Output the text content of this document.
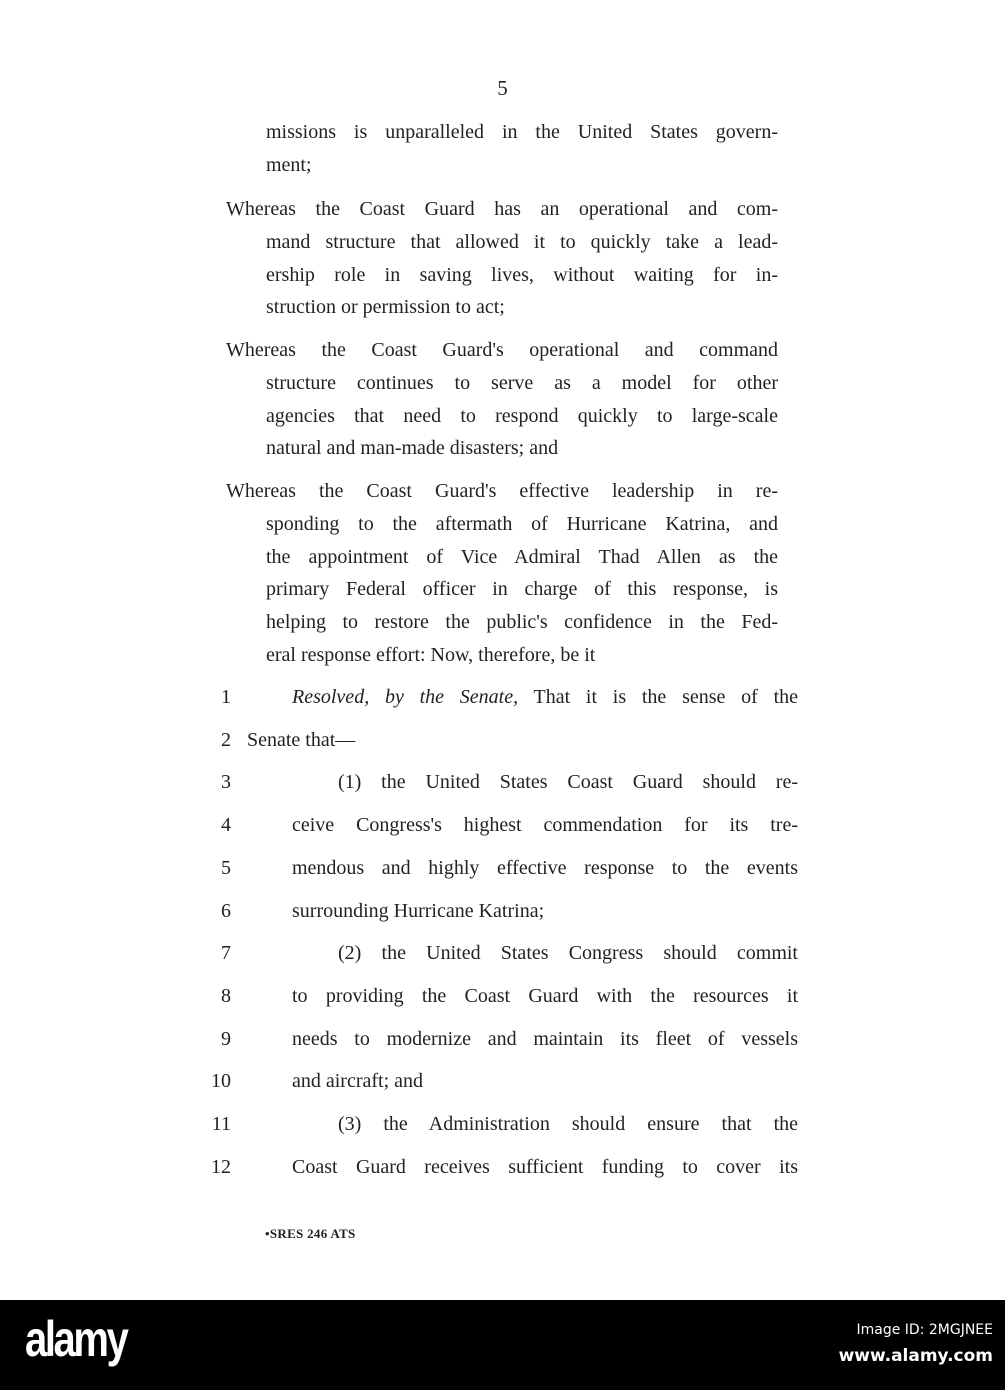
5
missions is unparalleled in the United States govern-
ment;
Whereas the Coast Guard has an operational and com-
mand structure that allowed it to quickly take a lead-
ership role in saving lives, without waiting for in-
struction or permission to act;
Whereas the Coast Guard's operational and command
structure continues to serve as a model for other
agencies that need to respond quickly to large-scale
natural and man-made disasters; and
Whereas the Coast Guard's effective leadership in re-
sponding to the aftermath of Hurricane Katrina, and
the appointment of Vice Admiral Thad Allen as the
primary Federal officer in charge of this response, is
helping to restore the public's confidence in the Fed-
eral response effort: Now, therefore, be it
1	Resolved, by the Senate, That it is the sense of the
2 Senate that—
3	(1) the United States Coast Guard should re-
4	ceive Congress's highest commendation for its tre-
5	mendous and highly effective response to the events
6	surrounding Hurricane Katrina;
7	(2) the United States Congress should commit
8	to providing the Coast Guard with the resources it
9	needs to modernize and maintain its fleet of vessels
10	and aircraft; and
11	(3) the Administration should ensure that the
12	Coast Guard receives sufficient funding to cover its
•SRES 246 ATS
alamy	Image ID: 2MGJNEE
www.alamy.com
